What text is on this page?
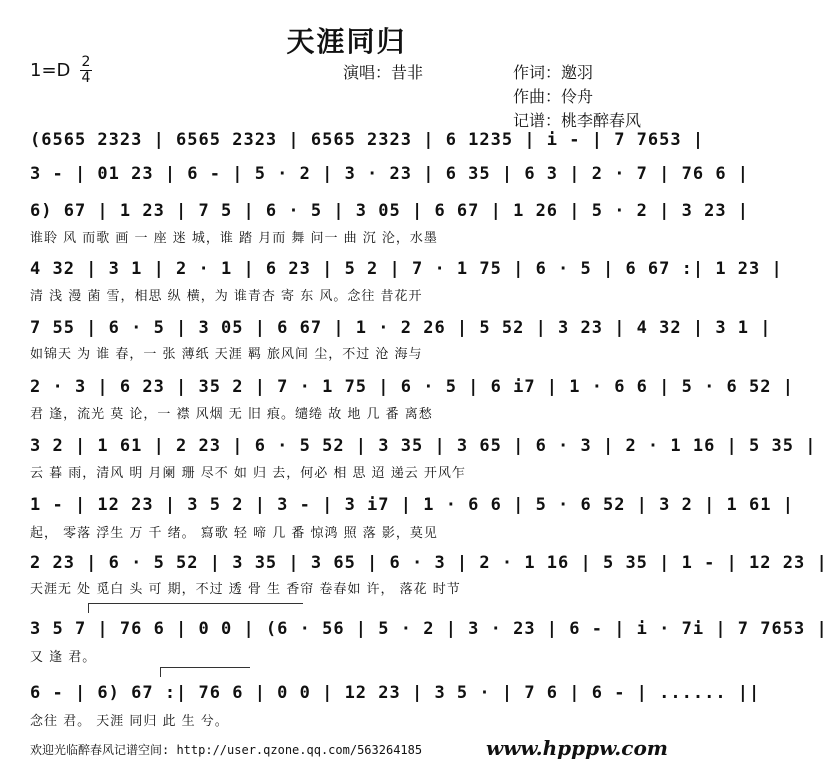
天涯同归
1=D 2
4	演唱：昔非	作词：邀羽
作曲：伶舟
记谱：桃李醉春风
(6565 2323 | 6565 2323 | 6565 2323 | 6 1235 | i - | 7 7653 |
3 - | 01 23 | 6 - | 5 · 2 | 3 · 23 | 6 35 | 6 3 | 2 · 7 | 76 6 |
6) 67 | 1 23 | 7 5 | 6 · 5 | 3 05 | 6 67 | 1 26 | 5 · 2 | 3 23 |
谁聆 风 而歌 画 一 座 迷 城，谁 踏 月而 舞 问一 曲 沉 沦，水墨
4 32 | 3 1 | 2 · 1 | 6 23 | 5 2 | 7 · 1 75 | 6 · 5 | 6 67 :| 1 23 |
清 浅 漫 菌 雪，相思 纵 横，为 谁青杏 寄 东 风。念往 昔花开
7 55 | 6 · 5 | 3 05 | 6 67 | 1 · 2 26 | 5 52 | 3 23 | 4 32 | 3 1 |
如锦天 为 谁 春，一 张 薄纸 天涯 羁 旅风间 尘，不过 沧 海与
2 · 3 | 6 23 | 35 2 | 7 · 1 75 | 6 · 5 | 6 i7 | 1 · 6 6 | 5 · 6 52 |
君 逢，流光 莫 论，一 襟 风烟 无 旧 痕。缱绻 故 地 几 番 离愁
3 2 | 1 61 | 2 23 | 6 · 5 52 | 3 35 | 3 65 | 6 · 3 | 2 · 1 16 | 5 35 |
云 暮 雨，清风 明 月阑 珊 尽不 如 归 去，何必 相 思 迢 递云 开风乍
1 - | 12 23 | 3 5 2 | 3 - | 3 i7 | 1 · 6 6 | 5 · 6 52 | 3 2 | 1 61 |
起， 零落 浮生 万 千 绪。 寫歌 轻 啼 几 番 惊鸿 照 落 影，莫见
2 23 | 6 · 5 52 | 3 35 | 3 65 | 6 · 3 | 2 · 1 16 | 5 35 | 1 - | 12 23 |
天涯无 处 觅白 头 可 期，不过 透 骨 生 香帘 卷春如 许， 落花 时节
3 5 7 | 76 6 | 0 0 | (6 · 56 | 5 · 2 | 3 · 23 | 6 - | i · 7i | 7 7653 |
又 逢 君。
6 - | 6) 67 :| 76 6 | 0 0 | 12 23 | 3 5 · | 7 6 | 6 - | ...... ||
念往 君。 天涯 同归 此 生 兮。
欢迎光临醉春风记谱空间: http://user.qzone.qq.com/563264185	www.hpppw.com
